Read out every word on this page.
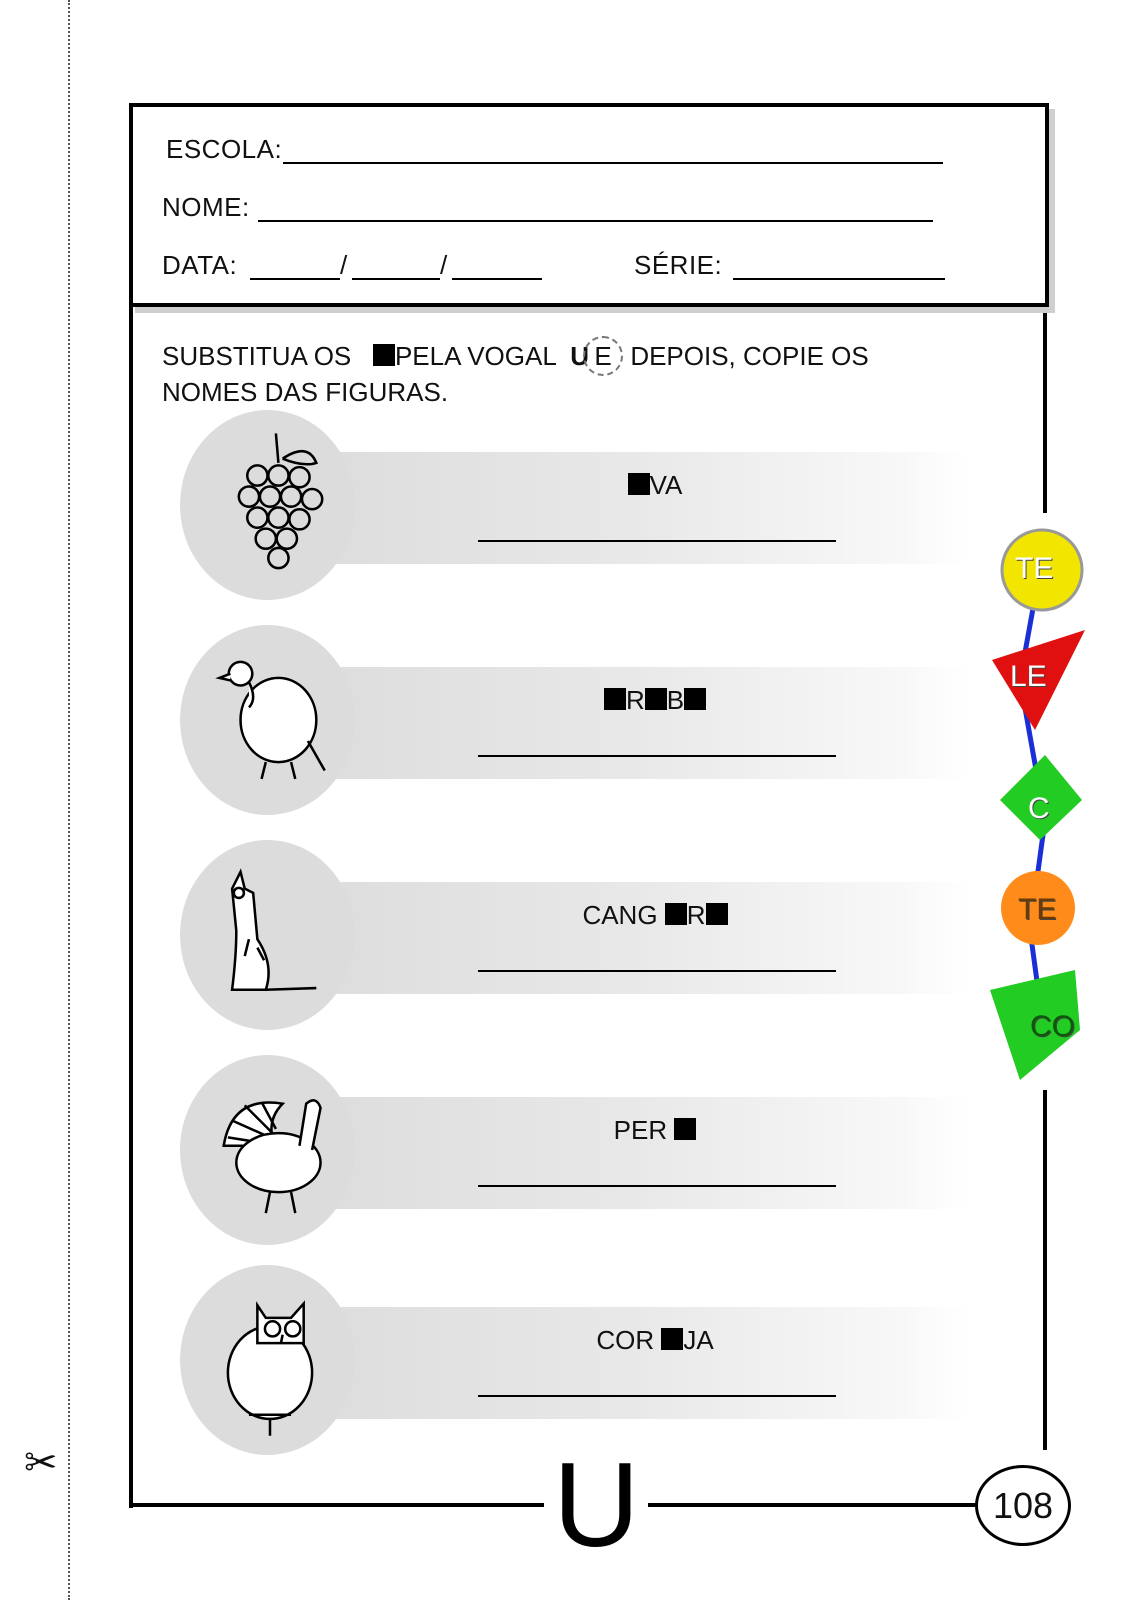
✂
ESCOLA:
NOME:
DATA:	/	/	SÉRIE:
SUBSTITUA OS PELA VOGAL U E DEPOIS, COPIE OS
NOMES DAS FIGURAS.
VA
R B
CANG R
PER
COR JA
TE
LE
C
TE
CO
U	108
